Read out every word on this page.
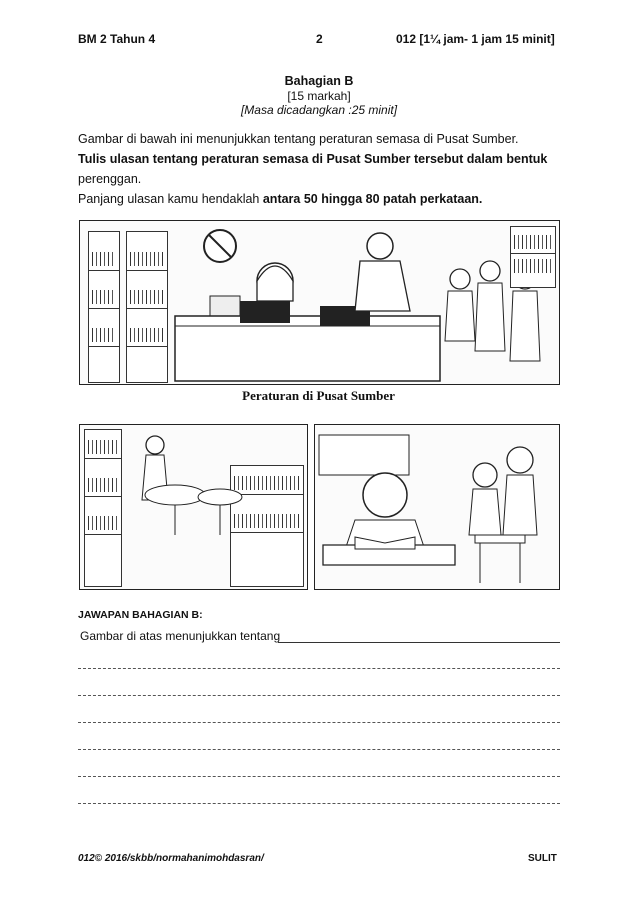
BM 2 Tahun 4	2	012 [1¼ jam- 1 jam 15 minit]
Bahagian B
[15 markah]
[Masa dicadangkan :25 minit]
Gambar di bawah ini menunjukkan tentang peraturan semasa di Pusat Sumber.
Tulis ulasan tentang peraturan semasa di Pusat Sumber tersebut dalam bentuk
perenggan.
Panjang ulasan kamu hendaklah antara 50 hingga 80 patah perkataan.
Peraturan di Pusat Sumber
JAWAPAN BAHAGIAN B:
Gambar di atas menunjukkan tentang
012© 2016/skbb/normahanimohdasran/	SULIT
